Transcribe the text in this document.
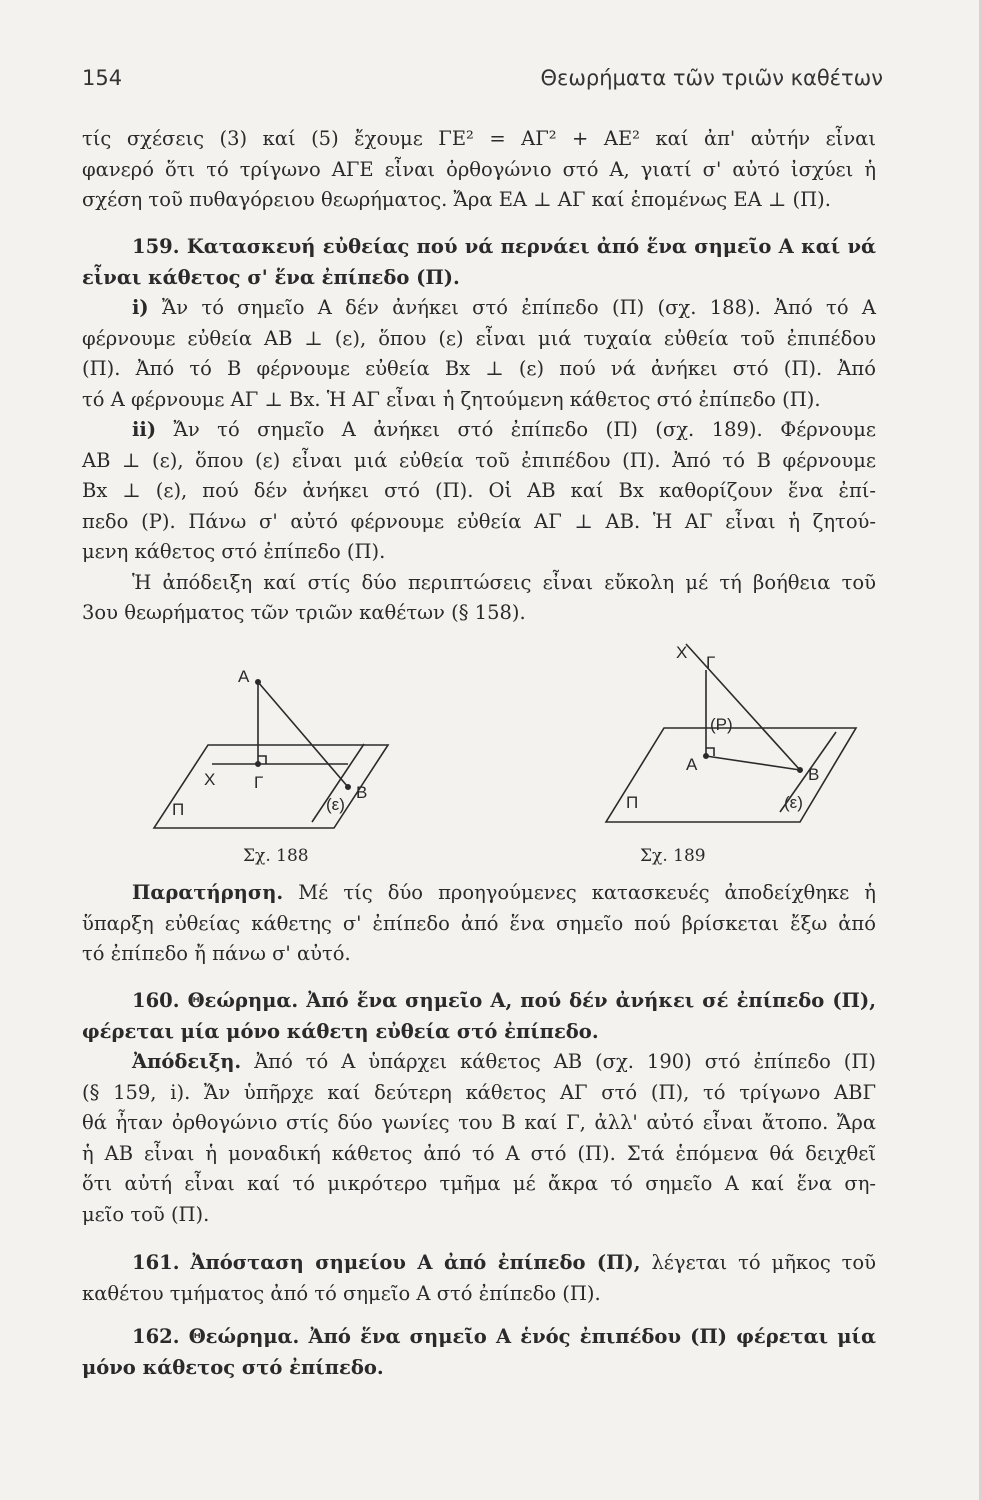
154	Θεωρήματα τῶν τριῶν καθέτων

τίς σχέσεις (3) καί (5) ἔχουμε ΓΕ² = ΑΓ² + ΑΕ² καί ἀπ' αὐτήν εἶναι

φανερό ὅτι τό τρίγωνο ΑΓΕ εἶναι ὀρθογώνιο στό Α, γιατί σ' αὐτό ἰσχύει ἡ

σχέση τοῦ πυθαγόρειου θεωρήματος. Ἄρα ΕΑ ⊥ ΑΓ καί ἑπομένως ΕΑ ⊥ (Π).

159. Κατασκευή εὐθείας πού νά περνάει ἀπό ἕνα σημεῖο Α καί νά

εἶναι κάθετος σ' ἕνα ἐπίπεδο (Π).

i) Ἄν τό σημεῖο Α δέν ἀνήκει στό ἐπίπεδο (Π) (σχ. 188). Ἀπό τό Α

φέρνουμε εὐθεία ΑΒ ⊥ (ε), ὅπου (ε) εἶναι μιά τυχαία εὐθεία τοῦ ἐπιπέδου

(Π). Ἀπό τό Β φέρνουμε εὐθεία Βx ⊥ (ε) πού νά ἀνήκει στό (Π). Ἀπό

τό Α φέρνουμε ΑΓ ⊥ Βx. Ἡ ΑΓ εἶναι ἡ ζητούμενη κάθετος στό ἐπίπεδο (Π).

ii) Ἄν τό σημεῖο Α ἀνήκει στό ἐπίπεδο (Π) (σχ. 189). Φέρνουμε

ΑΒ ⊥ (ε), ὅπου (ε) εἶναι μιά εὐθεία τοῦ ἐπιπέδου (Π). Ἀπό τό Β φέρνουμε

Βx ⊥ (ε), πού δέν ἀνήκει στό (Π). Οἱ ΑΒ καί Βx καθορίζουν ἕνα ἐπί-

πεδο (Ρ). Πάνω σ' αὐτό φέρνουμε εὐθεία ΑΓ ⊥ ΑΒ. Ἡ ΑΓ εἶναι ἡ ζητού-

μενη κάθετος στό ἐπίπεδο (Π).

Ἡ ἀπόδειξη καί στίς δύο περιπτώσεις εἶναι εὔκολη μέ τή βοήθεια τοῦ

3ου θεωρήματος τῶν τριῶν καθέτων (§ 158).

Α
Χ Γ
Π	(ε)
Β
Σχ. 188
Χ
Γ
(Ρ)
Α
Β
Π	(ε)
Σχ. 189

Παρατήρηση. Μέ τίς δύο προηγούμενες κατασκευές ἀποδείχθηκε ἡ

ὕπαρξη εὐθείας κάθετης σ' ἐπίπεδο ἀπό ἕνα σημεῖο πού βρίσκεται ἔξω ἀπό

τό ἐπίπεδο ἤ πάνω σ' αὐτό.

160. Θεώρημα. Ἀπό ἕνα σημεῖο Α, πού δέν ἀνήκει σέ ἐπίπεδο (Π),

φέρεται μία μόνο κάθετη εὐθεία στό ἐπίπεδο.

Ἀπόδειξη. Ἀπό τό Α ὑπάρχει κάθετος ΑΒ (σχ. 190) στό ἐπίπεδο (Π)

(§ 159, i). Ἄν ὑπῆρχε καί δεύτερη κάθετος ΑΓ στό (Π), τό τρίγωνο ΑΒΓ

θά ἦταν ὀρθογώνιο στίς δύο γωνίες του Β καί Γ, ἀλλ' αὐτό εἶναι ἄτοπο. Ἄρα

ἡ ΑΒ εἶναι ἡ μοναδική κάθετος ἀπό τό Α στό (Π). Στά ἑπόμενα θά δειχθεῖ

ὅτι αὐτή εἶναι καί τό μικρότερο τμῆμα μέ ἄκρα τό σημεῖο Α καί ἕνα ση-

μεῖο τοῦ (Π).

161. Ἀπόσταση σημείου Α ἀπό ἐπίπεδο (Π), λέγεται τό μῆκος τοῦ

καθέτου τμήματος ἀπό τό σημεῖο Α στό ἐπίπεδο (Π).

162. Θεώρημα. Ἀπό ἕνα σημεῖο Α ἑνός ἐπιπέδου (Π) φέρεται μία

μόνο κάθετος στό ἐπίπεδο.
